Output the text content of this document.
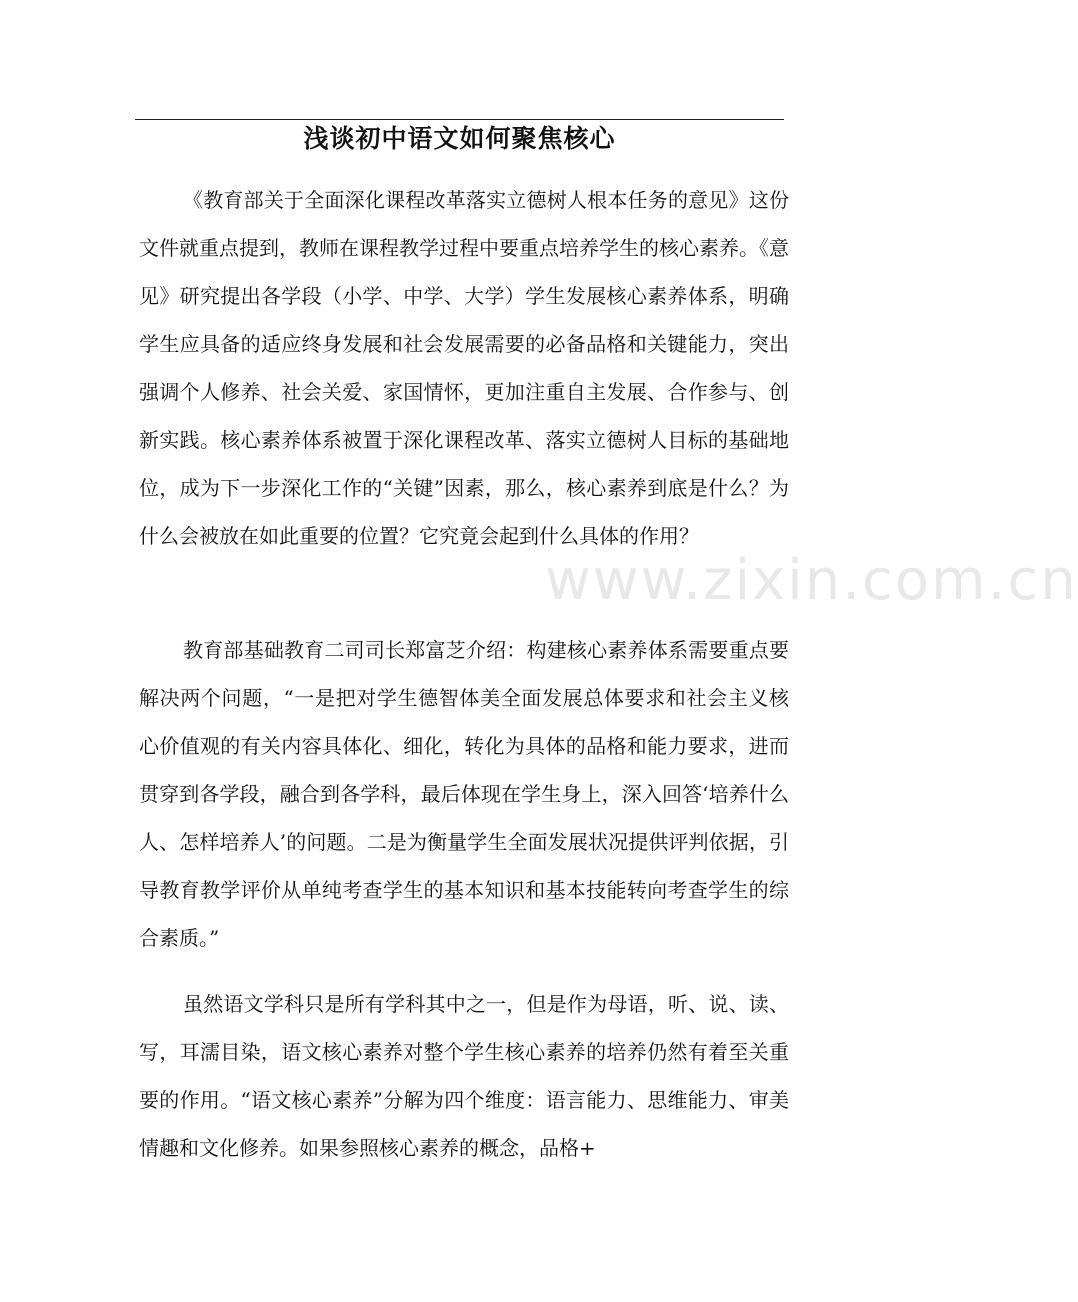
浅谈初中语文如何聚焦核心
www.zixin.com.cn

《教育部关于全面深化课程改革落实立德树人根本任务的意见》这份文件就重点提到，教师在课程教学过程中要重点培养学生的核心素养。《意见》研究提出各学段（小学、中学、大学）学生发展核心素养体系，明确学生应具备的适应终身发展和社会发展需要的必备品格和关键能力，突出强调个人修养、社会关爱、家国情怀，更加注重自主发展、合作参与、创新实践。核心素养体系被置于深化课程改革、落实立德树人目标的基础地位，成为下一步深化工作的“关键”因素，那么，核心素养到底是什么？为什么会被放在如此重要的位置？它究竟会起到什么具体的作用？

教育部基础教育二司司长郑富芝介绍：构建核心素养体系需要重点要解决两个问题，“一是把对学生德智体美全面发展总体要求和社会主义核心价值观的有关内容具体化、细化，转化为具体的品格和能力要求，进而贯穿到各学段，融合到各学科，最后体现在学生身上，深入回答‘培养什么人、怎样培养人’的问题。二是为衡量学生全面发展状况提供评判依据，引导教育教学评价从单纯考查学生的基本知识和基本技能转向考查学生的综合素质。”

虽然语文学科只是所有学科其中之一，但是作为母语，听、说、读、写，耳濡目染，语文核心素养对整个学生核心素养的培养仍然有着至关重要的作用。“语文核心素养”分解为四个维度：语言能力、思维能力、审美情趣和文化修养。如果参照核心素养的概念，品格+
